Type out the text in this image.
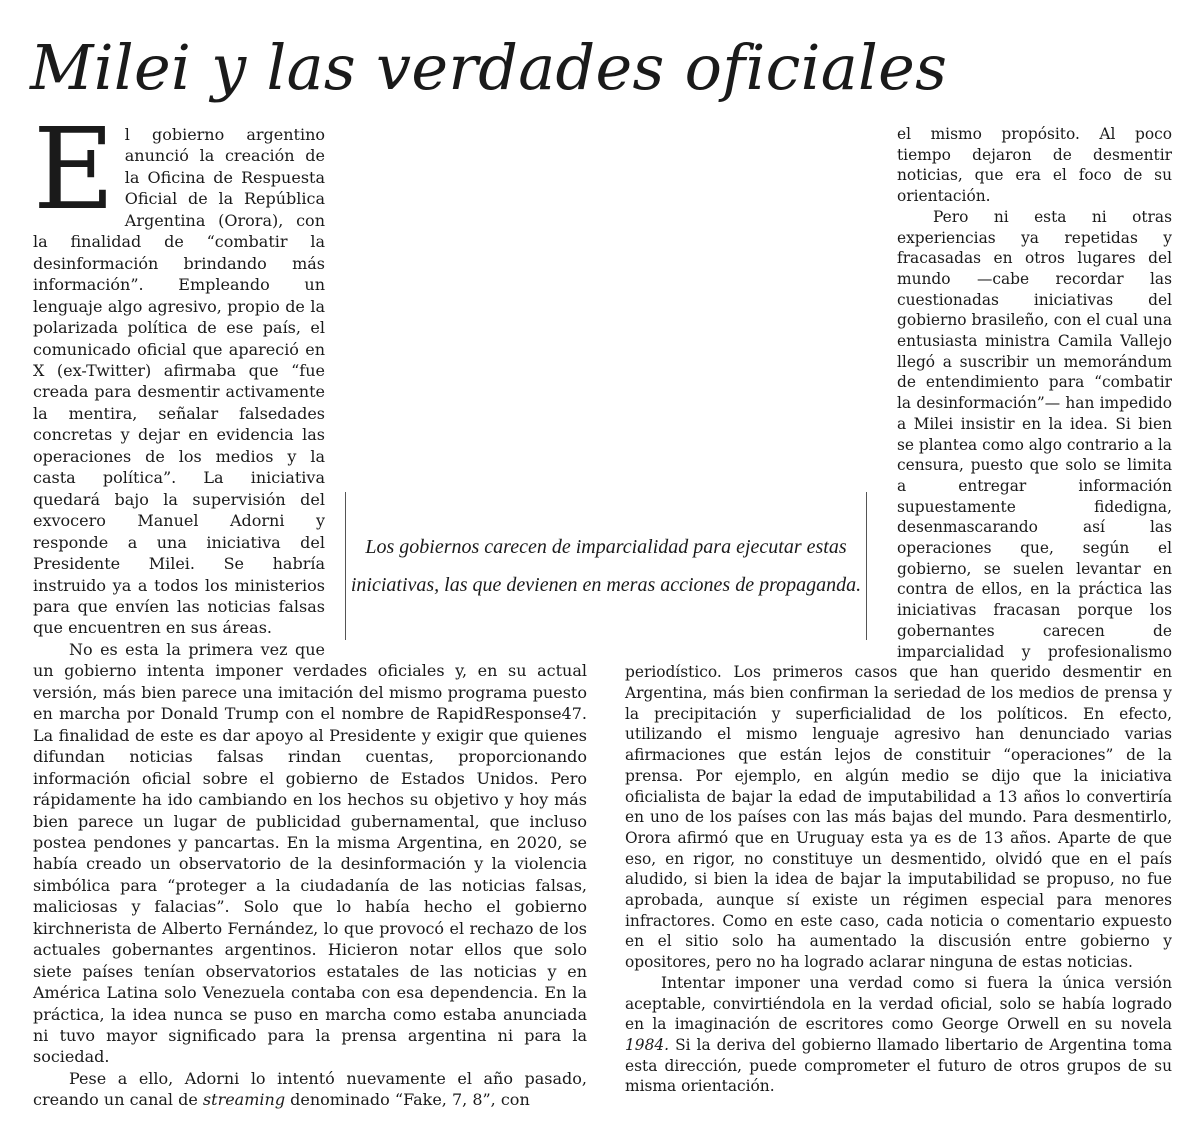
Milei y las verdades oficiales

El gobierno argentino anunció la creación de la Oficina de Respuesta Oficial de la República Argentina (Orora), con la finalidad de “combatir la desinformación brindando más información”. Empleando un lenguaje algo agresivo, propio de la polarizada política de ese país, el comunicado oficial que apareció en X (ex-Twitter) afirmaba que “fue creada para desmentir activamente la mentira, señalar falsedades concretas y dejar en evidencia las operaciones de los medios y la casta política”. La iniciativa quedará bajo la supervisión del exvocero Manuel Adorni y responde a una iniciativa del Presidente Milei. Se habría instruido ya a todos los ministerios para que envíen las noticias falsas que encuentren en sus áreas.

No es esta la primera vez que un gobierno intenta imponer verdades oficiales y, en su actual versión, más bien parece una imitación del mismo programa puesto en marcha por Donald Trump con el nombre de RapidResponse47. La finalidad de este es dar apoyo al Presidente y exigir que quienes difundan noticias falsas rindan cuentas, proporcionando información oficial sobre el gobierno de Estados Unidos. Pero rápidamente ha ido cambiando en los hechos su objetivo y hoy más bien parece un lugar de publicidad gubernamental, que incluso postea pendones y pancartas. En la misma Argentina, en 2020, se había creado un observatorio de la desinformación y la violencia simbólica para “proteger a la ciudadanía de las noticias falsas, maliciosas y falacias”. Solo que lo había hecho el gobierno kirchnerista de Alberto Fernández, lo que provocó el rechazo de los actuales gobernantes argentinos. Hicieron notar ellos que solo siete países tenían observatorios estatales de las noticias y en América Latina solo Venezuela contaba con esa dependencia. En la práctica, la idea nunca se puso en marcha como estaba anunciada ni tuvo mayor significado para la prensa argentina ni para la sociedad.

Pese a ello, Adorni lo intentó nuevamente el año pasado, creando un canal de streaming denominado “Fake, 7, 8”, con

el mismo propósito. Al poco tiempo dejaron de desmentir noticias, que era el foco de su orientación.

Pero ni esta ni otras experiencias ya repetidas y fracasadas en otros lugares del mundo —cabe recordar las cuestionadas iniciativas del gobierno brasileño, con el cual una entusiasta ministra Camila Vallejo llegó a suscribir un memorándum de entendimiento para “combatir la desinformación”— han impedido a Milei insistir en la idea. Si bien se plantea como algo contrario a la censura, puesto que solo se limita a entregar información supuestamente fidedigna, desenmascarando así las operaciones que, según el gobierno, se suelen levantar en contra de ellos, en la práctica las iniciativas fracasan porque los gobernantes carecen de imparcialidad y profesionalismo periodístico. Los primeros casos que han querido desmentir en Argentina, más bien confirman la seriedad de los medios de prensa y la precipitación y superficialidad de los políticos. En efecto, utilizando el mismo lenguaje agresivo han denunciado varias afirmaciones que están lejos de constituir “operaciones” de la prensa. Por ejemplo, en algún medio se dijo que la iniciativa oficialista de bajar la edad de imputabilidad a 13 años lo convertiría en uno de los países con las más bajas del mundo. Para desmentirlo, Orora afirmó que en Uruguay esta ya es de 13 años. Aparte de que eso, en rigor, no constituye un desmentido, olvidó que en el país aludido, si bien la idea de bajar la imputabilidad se propuso, no fue aprobada, aunque sí existe un régimen especial para menores infractores. Como en este caso, cada noticia o comentario expuesto en el sitio solo ha aumentado la discusión entre gobierno y opositores, pero no ha logrado aclarar ninguna de estas noticias.

Intentar imponer una verdad como si fuera la única versión aceptable, convirtiéndola en la verdad oficial, solo se había logrado en la imaginación de escritores como George Orwell en su novela 1984. Si la deriva del gobierno llamado libertario de Argentina toma esta dirección, puede comprometer el futuro de otros grupos de su misma orientación.

Los gobiernos carecen de imparcialidad para ejecutar estas iniciativas, las que devienen en meras acciones de propaganda.
